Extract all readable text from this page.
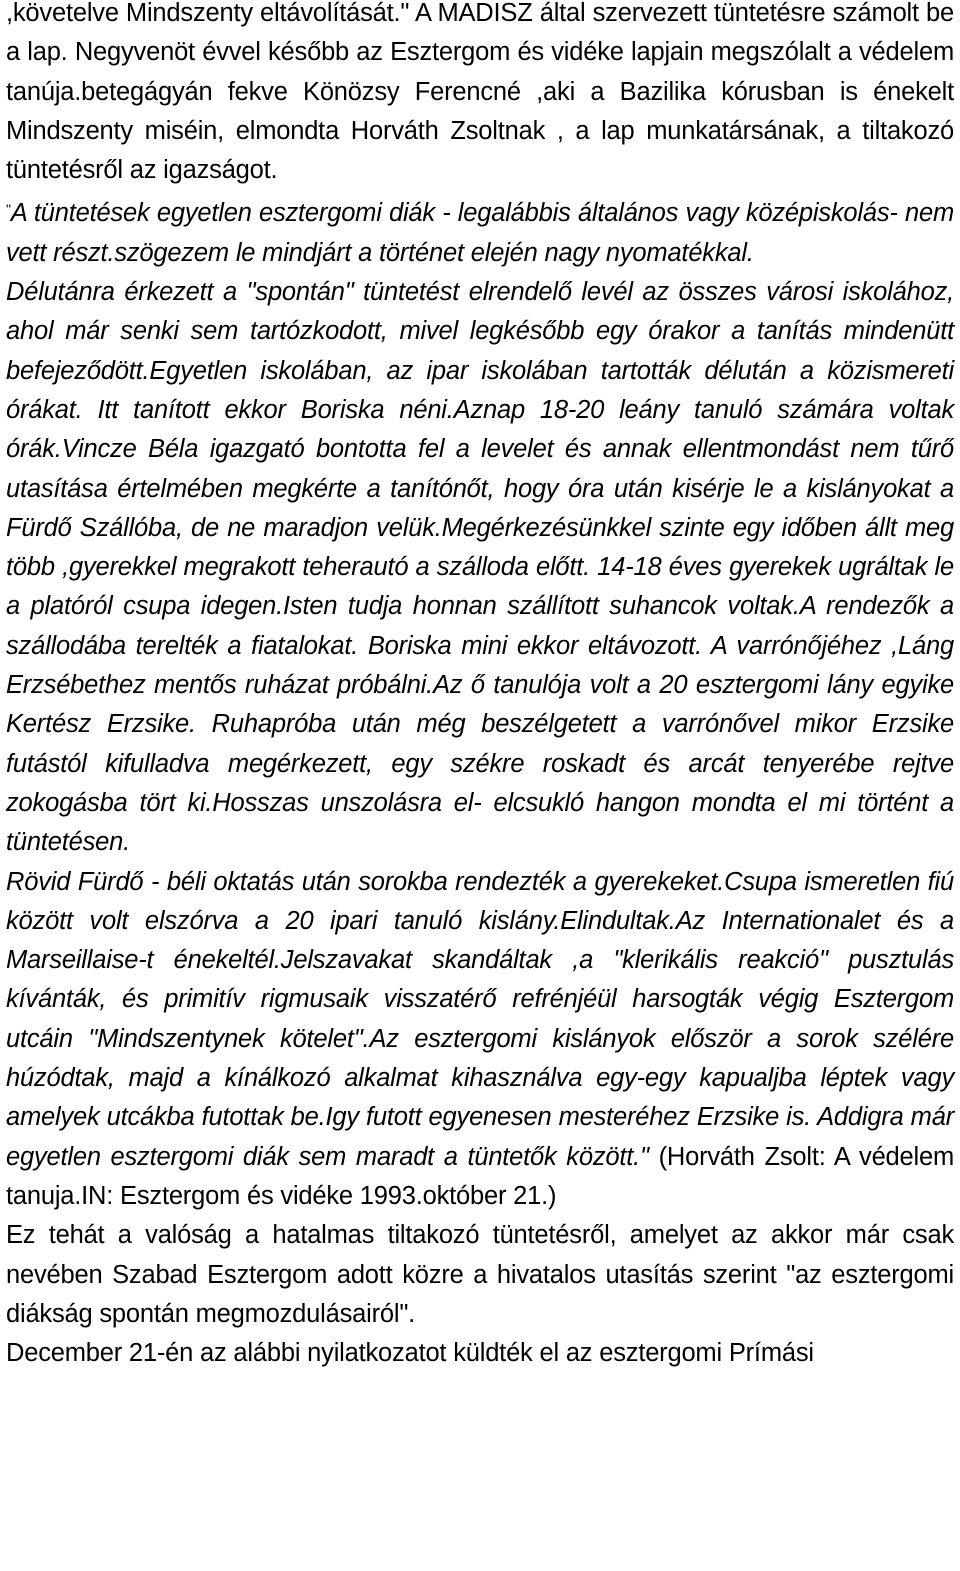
,követelve Mindszenty eltávolítását." A MADISZ által szervezett tüntetésre számolt be a lap. Negyvenöt évvel később az Esztergom és vidéke lapjain megszólalt a védelem tanúja.betegágyán fekve Könözsy Ferencné ,aki a Bazilika kórusban is énekelt Mindszenty miséin, elmondta Horváth Zsoltnak , a lap munkatársának, a tiltakozó tüntetésről az igazságot.

"A tüntetések egyetlen esztergomi diák - legalábbis általános vagy középiskolás- nem vett részt.szögezem le mindjárt a történet elején nagy nyomatékkal.

Délutánra érkezett a "spontán" tüntetést elrendelő levél az összes városi iskolához, ahol már senki sem tartózkodott, mivel legkésőbb egy órakor a tanítás mindenütt befejeződött.Egyetlen iskolában, az ipar iskolában tartották délután a közismereti órákat. Itt tanított ekkor Boriska néni.Aznap 18-20 leány tanuló számára voltak órák.Vincze Béla igazgató bontotta fel a levelet és annak ellentmondást nem tűrő utasítása értelmében megkérte a tanítónőt, hogy óra után kisérje le a kislányokat a Fürdő Szállóba, de ne maradjon velük.Megérkezésünkkel szinte egy időben állt meg több ,gyerekkel megrakott teherautó a szálloda előtt. 14-18 éves gyerekek ugráltak le a platóról csupa idegen.Isten tudja honnan szállított suhancok voltak.A rendezők a szállodába terelték a fiatalokat. Boriska mini ekkor eltávozott. A varrónőjéhez ,Láng Erzsébethez mentős ruházat próbálni.Az ő tanulója volt a 20 esztergomi lány egyike Kertész Erzsike. Ruhapróba után még beszélgetett a varrónővel mikor Erzsike futástól kifulladva megérkezett, egy székre roskadt és arcát tenyerébe rejtve zokogásba tört ki.Hosszas unszolásra el- elcsukló hangon mondta el mi történt a tüntetésen.

Rövid Fürdő - béli oktatás után sorokba rendezték a gyerekeket.Csupa ismeretlen fiú között volt elszórva a 20 ipari tanuló kislány.Elindultak.Az Internationalet és a Marseillaise-t énekeltél.Jelszavakat skandáltak ,a "klerikális reakció" pusztulás kívánták, és primitív rigmusaik visszatérő refrénjéül harsogták végig Esztergom utcáin "Mindszentynek kötelet".Az esztergomi kislányok először a sorok szélére húzódtak, majd a kínálkozó alkalmat kihasználva egy-egy kapualjba léptek vagy amelyek utcákba futottak be.Igy futott egyenesen mesteréhez Erzsike is. Addigra már egyetlen esztergomi diák sem maradt a tüntetők között." (Horváth Zsolt: A védelem tanuja.IN: Esztergom és vidéke 1993.október 21.)

Ez tehát a valóság a hatalmas tiltakozó tüntetésről, amelyet az akkor már csak nevében Szabad Esztergom adott közre a hivatalos utasítás szerint "az esztergomi diákság spontán megmozdulásairól".

December 21-én az alábbi nyilatkozatot küldték el az esztergomi Prímási
